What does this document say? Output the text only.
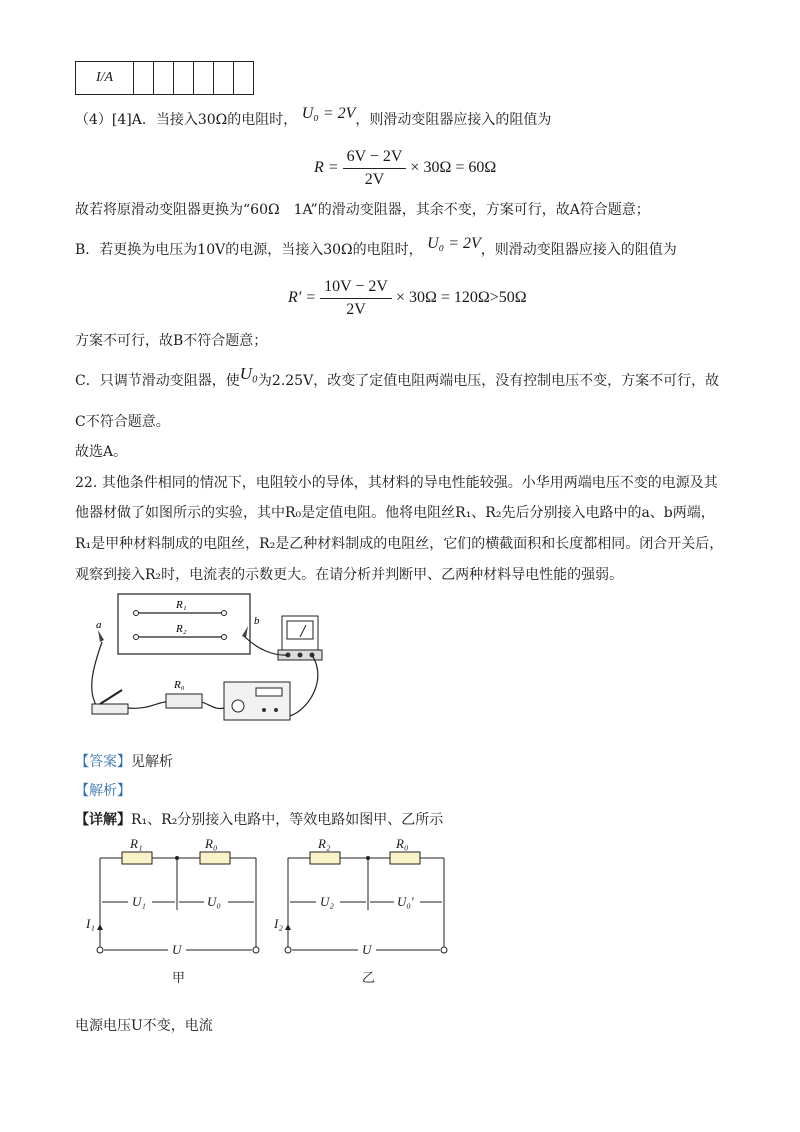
I/A						
（4）[4]A．当接入30Ω的电阻时， U₀ = 2V，则滑动变阻器应接入的阻值为
$R = \frac{6V - 2V}{2V} \times 30\Omega = 60\Omega$
故若将原滑动变阻器更换为“60Ω　1A”的滑动变阻器，其余不变，方案可行，故A符合题意；
B．若更换为电压为10V的电源，当接入30Ω的电阻时， U₀ = 2V，则滑动变阻器应接入的阻值为
$R' = \frac{10V - 2V}{2V} \times 30\Omega = 120\Omega>50\Omega$
方案不可行，故B不符合题意；
C．只调节滑动变阻器，使U₀为2.25V，改变了定值电阻两端电压，没有控制电压不变，方案不可行，故
C不符合题意。
故选A。
22. 其他条件相同的情况下，电阻较小的导体，其材料的导电性能较强。小华用两端电压不变的电源及其
他器材做了如图所示的实验，其中R₀是定值电阻。他将电阻丝R₁、R₂先后分别接入电路中的a、b两端，
R₁是甲种材料制成的电阻丝，R₂是乙种材料制成的电阻丝，它们的横截面积和长度都相同。闭合开关后，
观察到接入R₂时，电流表的示数更大。在请分析并判断甲、乙两种材料导电性能的强弱。
R₁
R₂
a	b
R₀
【答案】见解析
【解析】
【详解】R₁、R₂分别接入电路中，等效电路如图甲、乙所示
R₁	R₀
U₁	U₀
I₁
U
甲
R₂	R₀
U₂	U₀′
I₂
U
乙
电源电压U不变，电流
